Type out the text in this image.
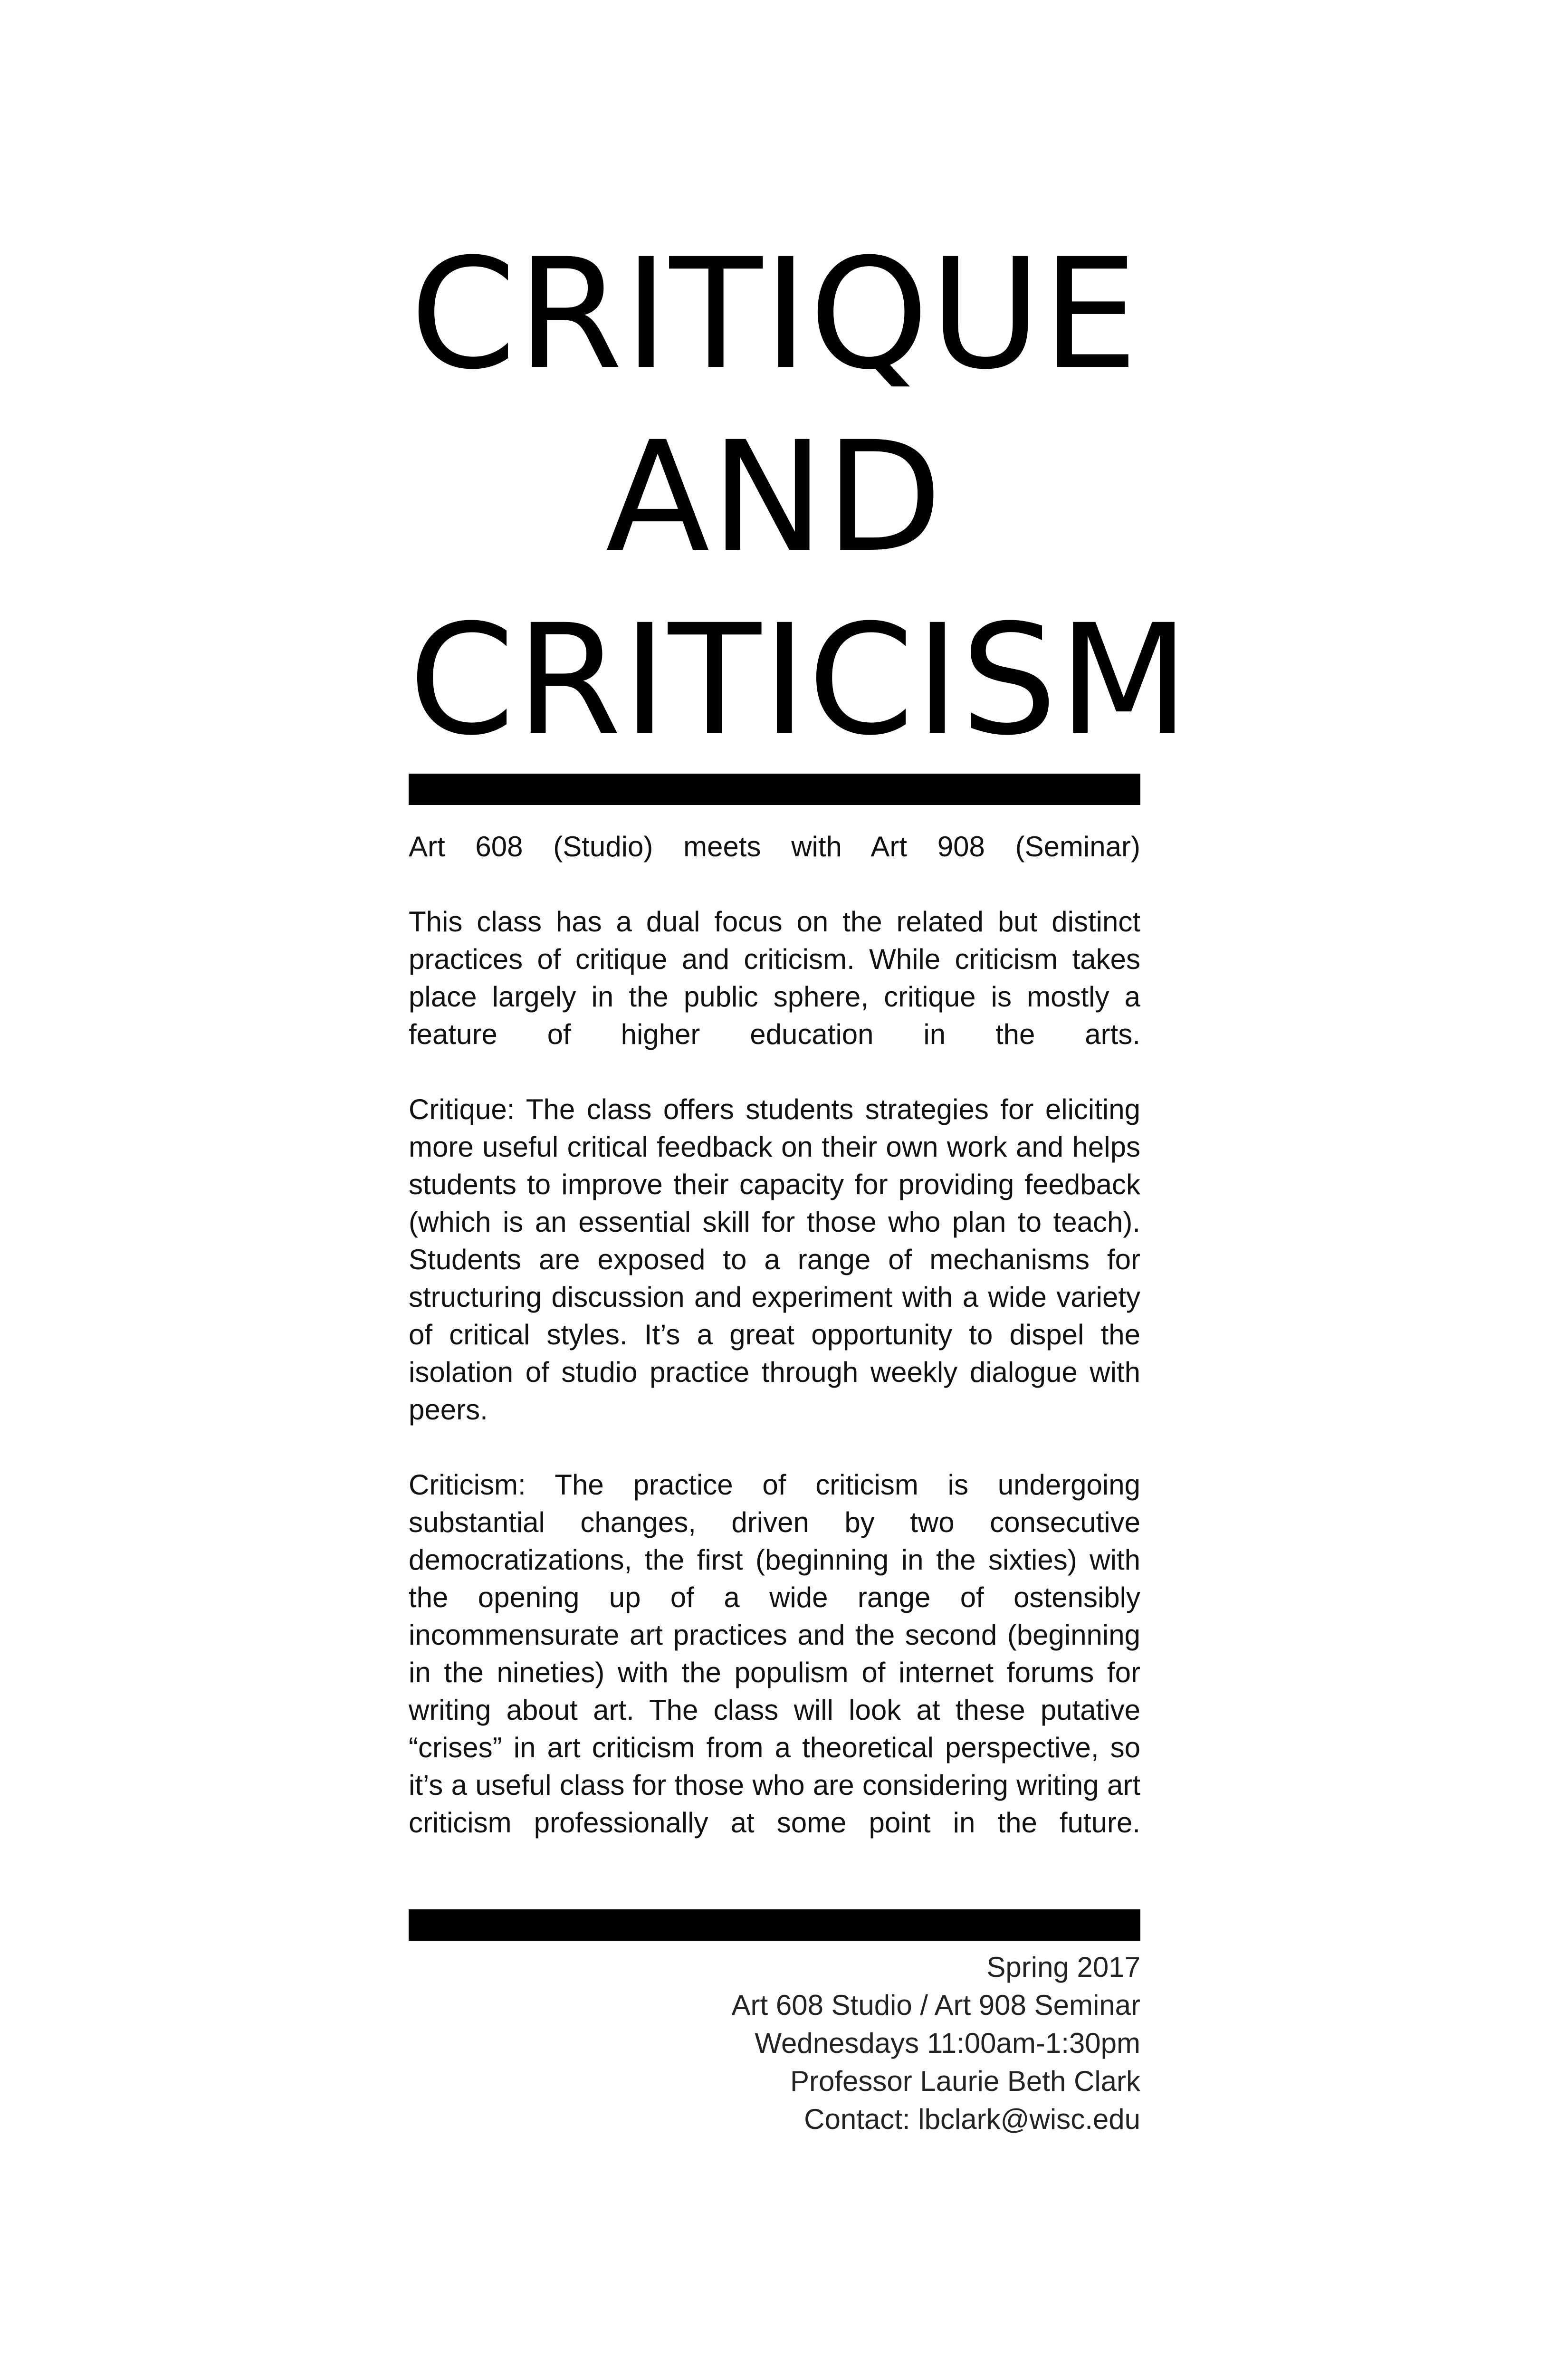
CRITIQUE
AND
CRITICISM

Art 608 (Studio) meets with Art 908 (Seminar)

This class has a dual focus on the related but distinct practices of critique and criticism. While criticism takes place largely in the public sphere, critique is mostly a feature of higher education in the arts.

Critique: The class offers students strategies for eliciting more useful critical feedback on their own work and helps students to improve their capacity for providing feedback (which is an essential skill for those who plan to teach). Students are exposed to a range of mechanisms for structuring discussion and experiment with a wide variety of critical styles. It’s a great opportunity to dispel the isolation of studio practice through weekly dialogue with peers.

Criticism: The practice of criticism is undergoing substantial changes, driven by two consecutive democratizations, the first (beginning in the sixties) with the opening up of a wide range of ostensibly incommensurate art practices and the second (beginning in the nineties) with the populism of internet forums for writing about art. The class will look at these putative “crises” in art criticism from a theoretical perspective, so it’s a useful class for those who are considering writing art criticism professionally at some point in the future.

Spring 2017
Art 608 Studio / Art 908 Seminar
Wednesdays 11:00am-1:30pm
Professor Laurie Beth Clark
Contact: lbclark@wisc.edu
